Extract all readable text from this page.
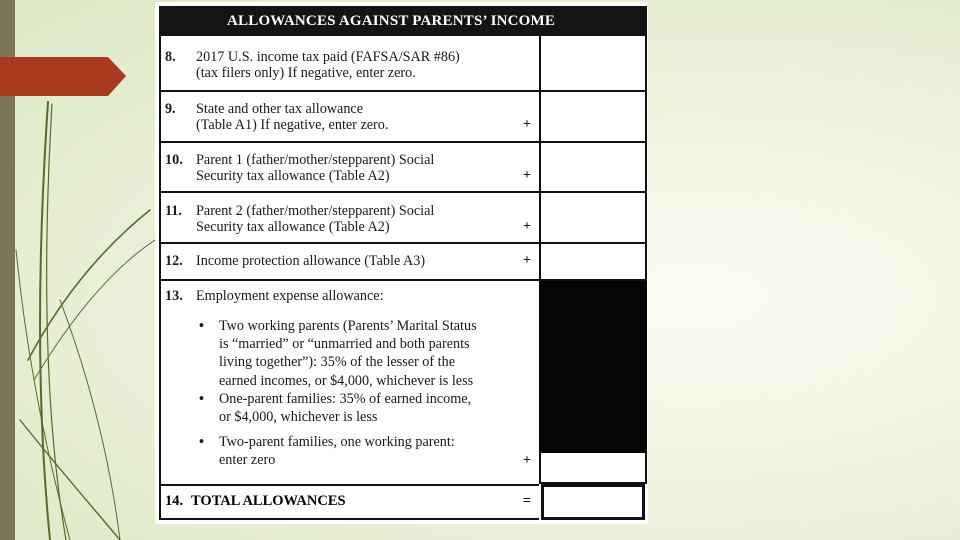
ALLOWANCES AGAINST PARENTS’ INCOME
8. 2017 U.S. income tax paid (FAFSA/SAR #86)
(tax filers only) If negative, enter zero.
9. State and other tax allowance
(Table A1) If negative, enter zero.	+
10. Parent 1 (father/mother/stepparent) Social
Security tax allowance (Table A2)	+
11. Parent 2 (father/mother/stepparent) Social
Security tax allowance (Table A2)	+
12. Income protection allowance (Table A3)	+
13. Employment expense allowance:
• Two working parents (Parents’ Marital Status
is “married” or “unmarried and both parents
living together”): 35% of the lesser of the
earned incomes, or $4,000, whichever is less
• One-parent families: 35% of earned income,
or $4,000, whichever is less
• Two-parent families, one working parent:
enter zero	+
14. TOTAL ALLOWANCES	=
